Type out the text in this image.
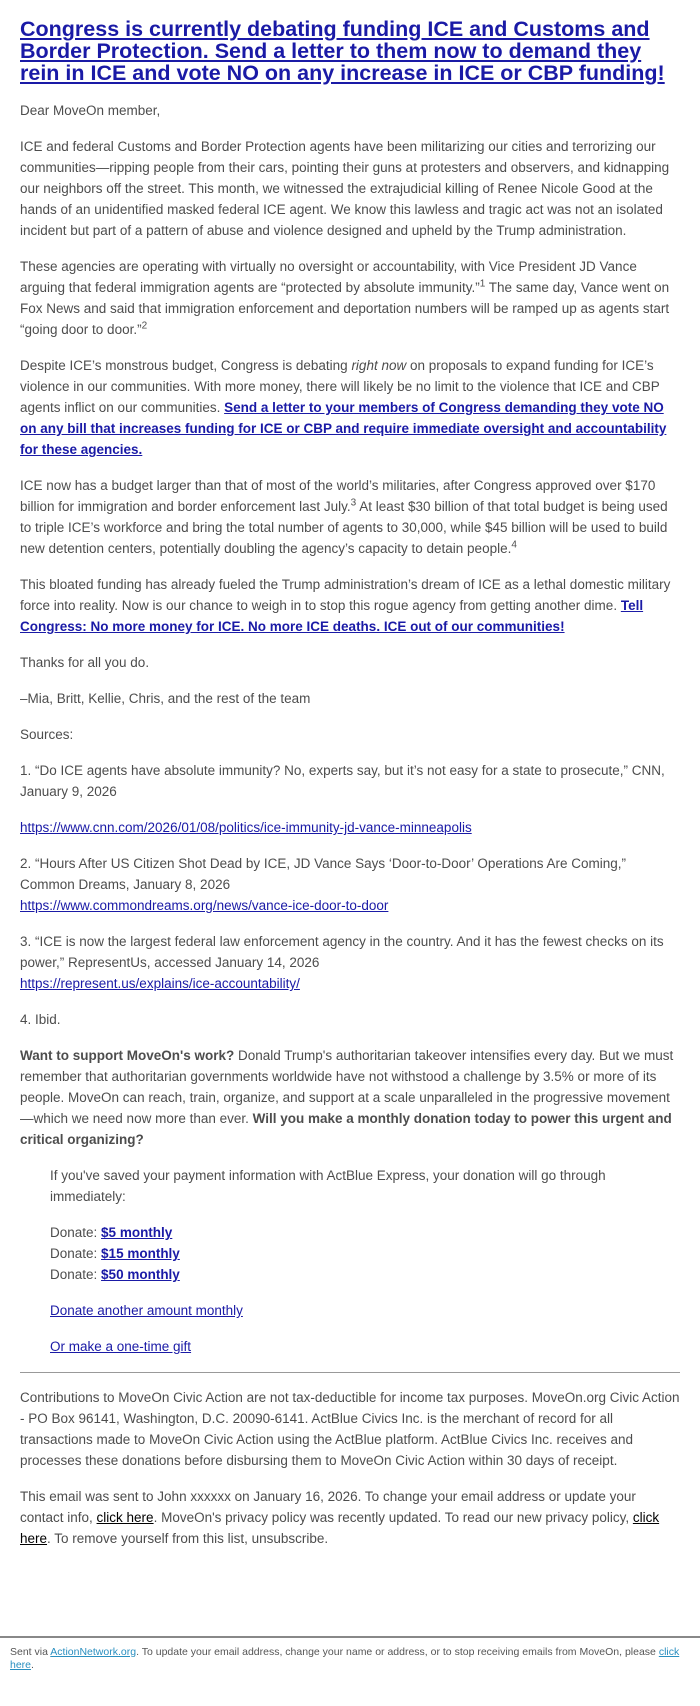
Congress is currently debating funding ICE and Customs and Border Protection. Send a letter to them now to demand they rein in ICE and vote NO on any increase in ICE or CBP funding!

Dear MoveOn member,

ICE and federal Customs and Border Protection agents have been militarizing our cities and terrorizing our communities—ripping people from their cars, pointing their guns at protesters and observers, and kidnapping our neighbors off the street. This month, we witnessed the extrajudicial killing of Renee Nicole Good at the hands of an unidentified masked federal ICE agent. We know this lawless and tragic act was not an isolated incident but part of a pattern of abuse and violence designed and upheld by the Trump administration.

These agencies are operating with virtually no oversight or accountability, with Vice President JD Vance arguing that federal immigration agents are “protected by absolute immunity.”$^1$ The same day, Vance went on Fox News and said that immigration enforcement and deportation numbers will be ramped up as agents start “going door to door.”$^2$

Despite ICE’s monstrous budget, Congress is debating right now on proposals to expand funding for ICE’s violence in our communities. With more money, there will likely be no limit to the violence that ICE and CBP agents inflict on our communities. Send a letter to your members of Congress demanding they vote NO on any bill that increases funding for ICE or CBP and require immediate oversight and accountability for these agencies.

ICE now has a budget larger than that of most of the world’s militaries, after Congress approved over $170 billion for immigration and border enforcement last July.$^3$ At least $30 billion of that total budget is being used to triple ICE’s workforce and bring the total number of agents to 30,000, while $45 billion will be used to build new detention centers, potentially doubling the agency’s capacity to detain people.$^4$

This bloated funding has already fueled the Trump administration’s dream of ICE as a lethal domestic military force into reality. Now is our chance to weigh in to stop this rogue agency from getting another dime. Tell Congress: No more money for ICE. No more ICE deaths. ICE out of our communities!

Thanks for all you do.

–Mia, Britt, Kellie, Chris, and the rest of the team

Sources:

1. “Do ICE agents have absolute immunity? No, experts say, but it’s not easy for a state to prosecute,” CNN, January 9, 2026

https://www.cnn.com/2026/01/08/politics/ice-immunity-jd-vance-minneapolis

2. “Hours After US Citizen Shot Dead by ICE, JD Vance Says ‘Door-to-Door’ Operations Are Coming,” Common Dreams, January 8, 2026
https://www.commondreams.org/news/vance-ice-door-to-door

3. “ICE is now the largest federal law enforcement agency in the country. And it has the fewest checks on its power,” RepresentUs, accessed January 14, 2026
https://represent.us/explains/ice-accountability/

4. Ibid.

Want to support MoveOn's work? Donald Trump's authoritarian takeover intensifies every day. But we must remember that authoritarian governments worldwide have not withstood a challenge by 3.5% or more of its people. MoveOn can reach, train, organize, and support at a scale unparalleled in the progressive movement—which we need now more than ever. Will you make a monthly donation today to power this urgent and critical organizing?

If you've saved your payment information with ActBlue Express, your donation will go through immediately:

Donate: $5 monthly
Donate: $15 monthly
Donate: $50 monthly

Donate another amount monthly

Or make a one-time gift

Contributions to MoveOn Civic Action are not tax-deductible for income tax purposes. MoveOn.org Civic Action - PO Box 96141, Washington, D.C. 20090-6141. ActBlue Civics Inc. is the merchant of record for all transactions made to MoveOn Civic Action using the ActBlue platform. ActBlue Civics Inc. receives and processes these donations before disbursing them to MoveOn Civic Action within 30 days of receipt.

This email was sent to John xxxxxx on January 16, 2026. To change your email address or update your contact info, click here. MoveOn's privacy policy was recently updated. To read our new privacy policy, click here. To remove yourself from this list, unsubscribe.

Sent via ActionNetwork.org. To update your email address, change your name or address, or to stop receiving emails from MoveOn, please click here.
